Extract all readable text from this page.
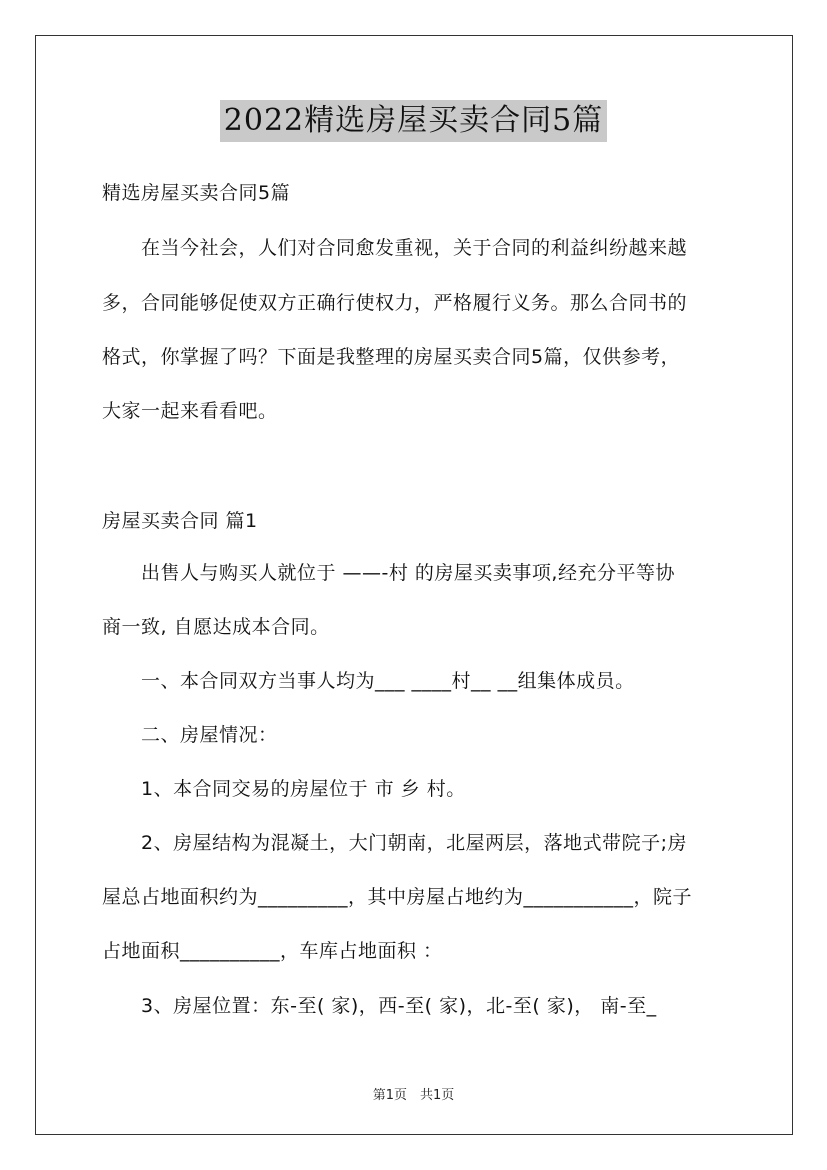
2022精选房屋买卖合同5篇
精选房屋买卖合同5篇
　　在当今社会，人们对合同愈发重视，关于合同的利益纠纷越来越
多，合同能够促使双方正确行使权力，严格履行义务。那么合同书的
格式，你掌握了吗？下面是我整理的房屋买卖合同5篇，仅供参考，
大家一起来看看吧。
房屋买卖合同 篇1
　　出售人与购买人就位于 ——-村 的房屋买卖事项,经充分平等协
商一致, 自愿达成本合同。
　　一、本合同双方当事人均为___ ____村__ __组集体成员。
　　二、房屋情况：
　　1、本合同交易的房屋位于 市 乡 村。
　　2、房屋结构为混凝土，大门朝南，北屋两层，落地式带院子;房
屋总占地面积约为_________，其中房屋占地约为___________，院子
占地面积__________，车库占地面积 ：
　　3、房屋位置：东-至( 家)，西-至( 家)，北-至( 家)， 南-至_
第1页　共1页
